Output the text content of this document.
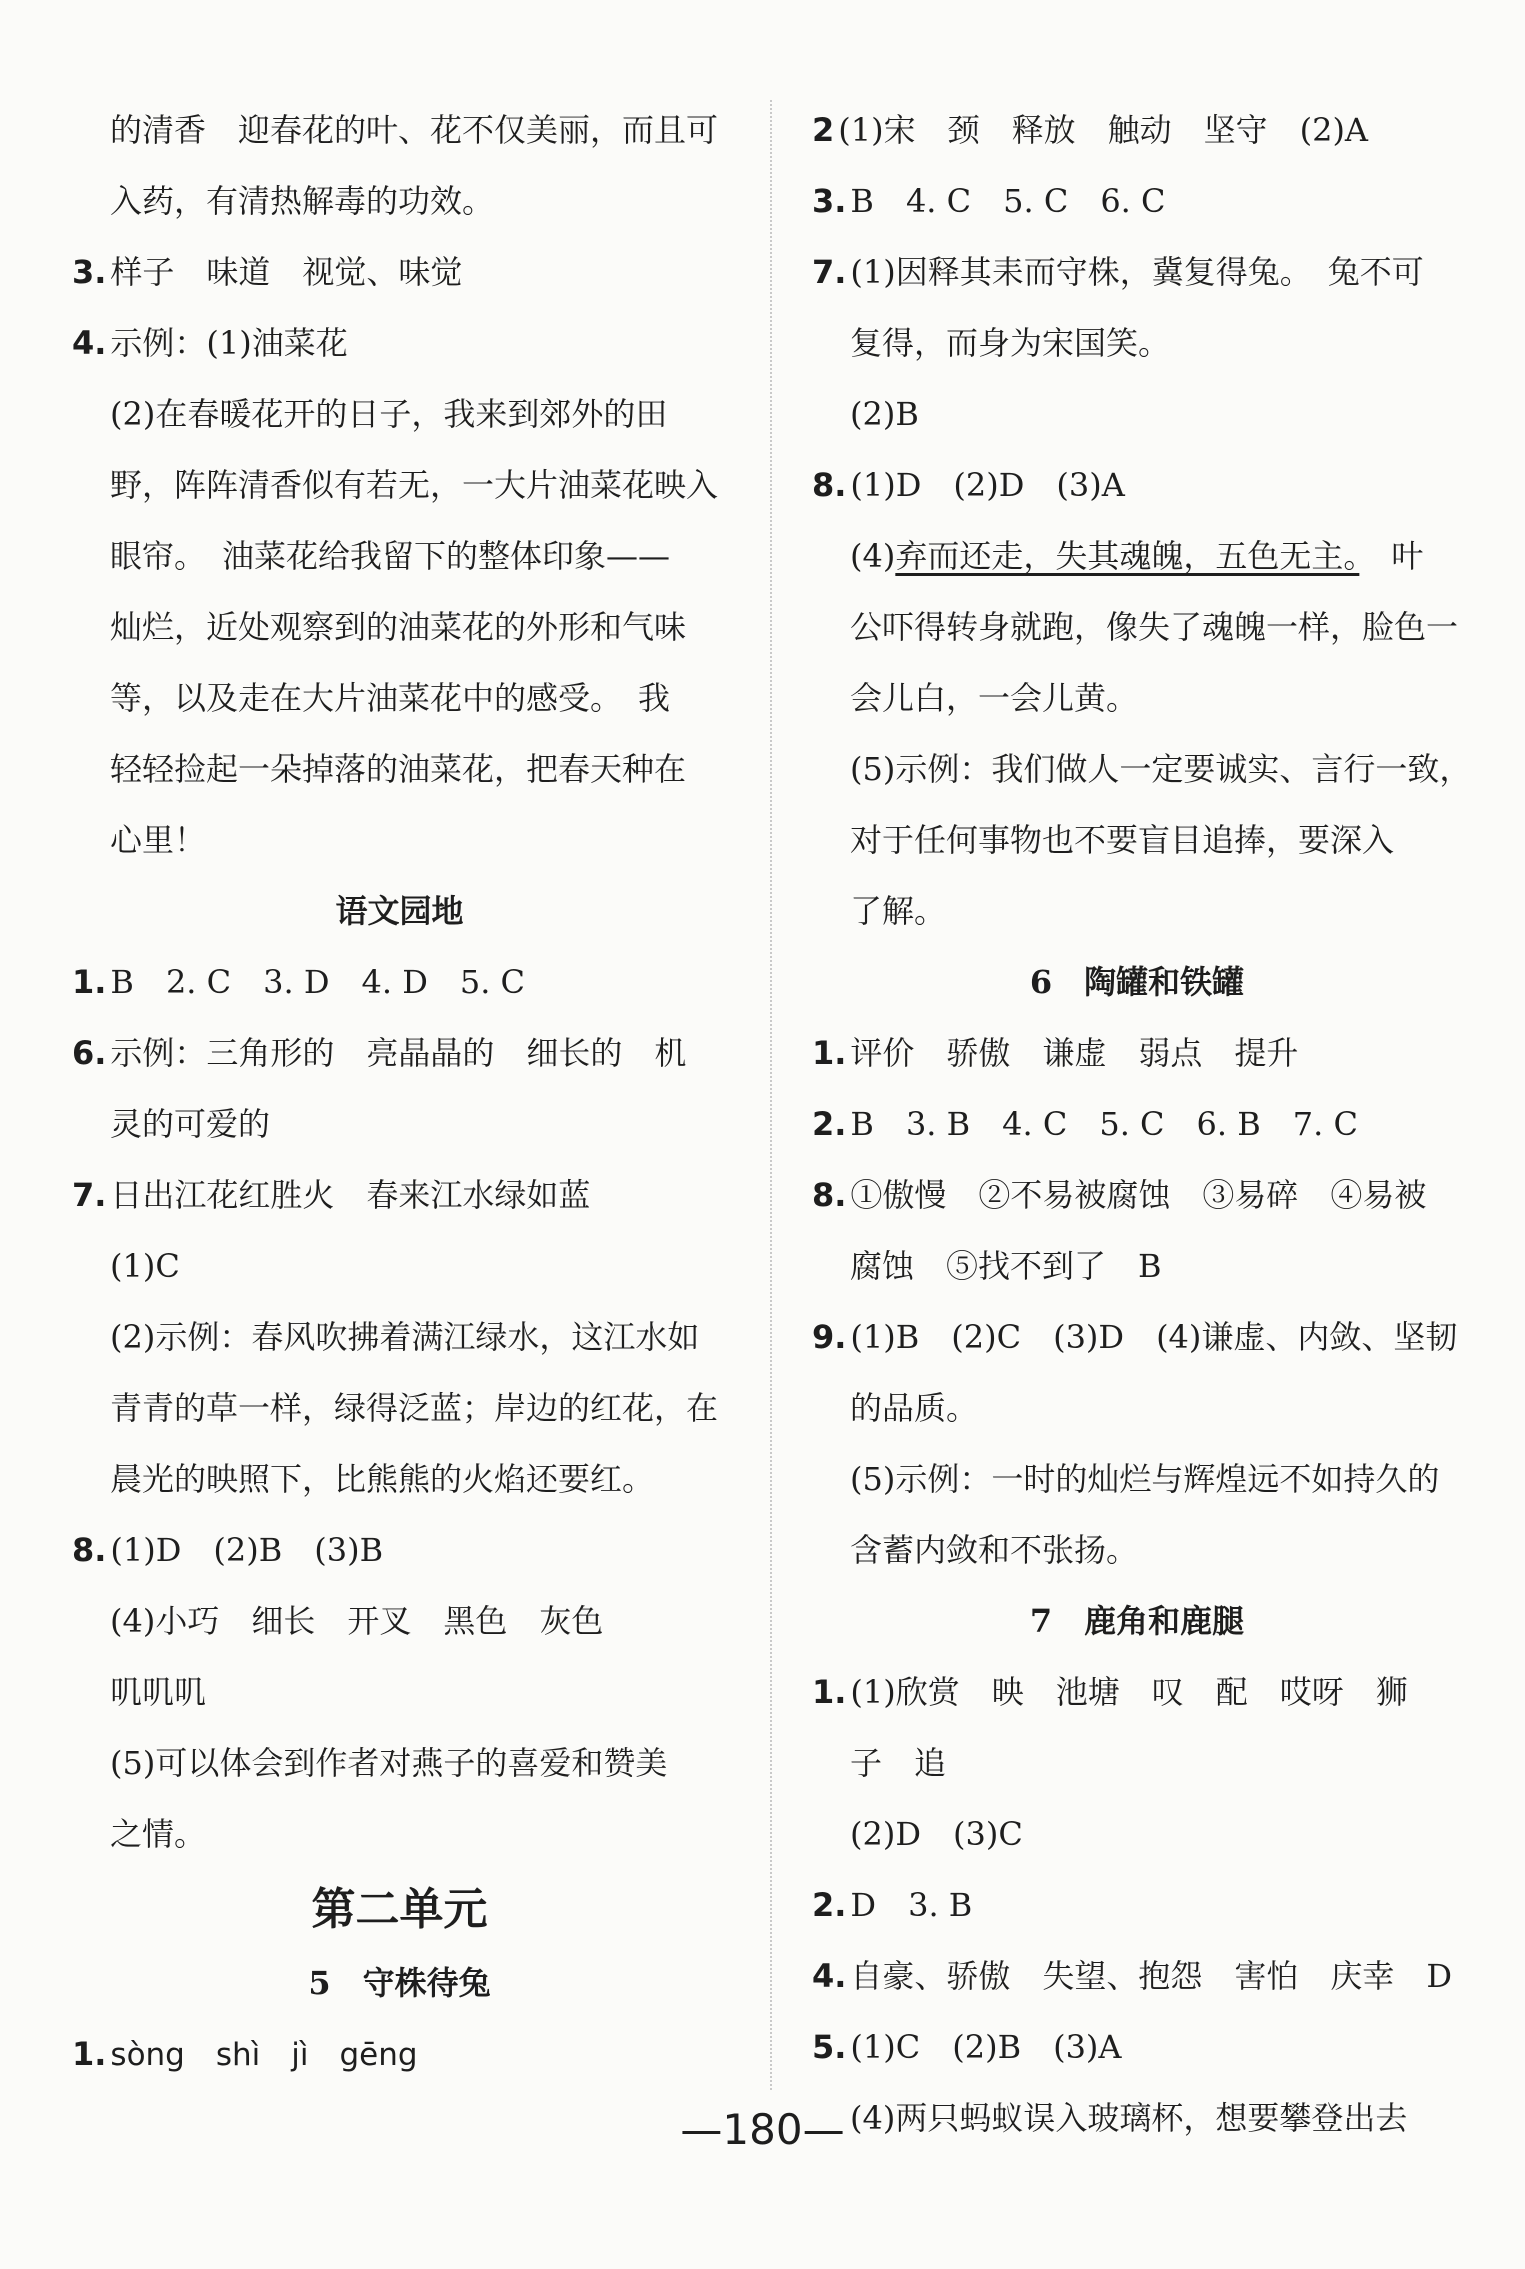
的清香　迎春花的叶、花不仅美丽，而且可
入药，有清热解毒的功效。
3. 样子　味道　视觉、味觉
4. 示例：(1)油菜花
(2)在春暖花开的日子，我来到郊外的田
野，阵阵清香似有若无，一大片油菜花映入
眼帘。　油菜花给我留下的整体印象——
灿烂，近处观察到的油菜花的外形和气味
等，以及走在大片油菜花中的感受。　我
轻轻捡起一朵掉落的油菜花，把春天种在
心里！
语文园地
1. B　2. C　3. D　4. D　5. C
6. 示例：三角形的　亮晶晶的　细长的　机
灵的可爱的
7. 日出江花红胜火　春来江水绿如蓝
(1)C
(2)示例：春风吹拂着满江绿水，这江水如
青青的草一样，绿得泛蓝；岸边的红花，在
晨光的映照下，比熊熊的火焰还要红。
8. (1)D　(2)B　(3)B
(4)小巧　细长　开叉　黑色　灰色
叽叽叽
(5)可以体会到作者对燕子的喜爱和赞美
之情。
第二单元
5　守株待兔
1. sòng　shì　jì　gēng
2 (1)宋　颈　释放　触动　坚守　(2)A
3. B　4. C　5. C　6. C
7. (1)因释其耒而守株，冀复得兔。　兔不可
复得，而身为宋国笑。
(2)B
8. (1)D　(2)D　(3)A
(4)弃而还走，失其魂魄，五色无主。　叶
公吓得转身就跑，像失了魂魄一样，脸色一
会儿白，一会儿黄。
(5)示例：我们做人一定要诚实、言行一致，
对于任何事物也不要盲目追捧，要深入
了解。
6　陶罐和铁罐
1. 评价　骄傲　谦虚　弱点　提升
2. B　3. B　4. C　5. C　6. B　7. C
8. ①傲慢　②不易被腐蚀　③易碎　④易被
腐蚀　⑤找不到了　B
9. (1)B　(2)C　(3)D　(4)谦虚、内敛、坚韧
的品质。
(5)示例：一时的灿烂与辉煌远不如持久的
含蓄内敛和不张扬。
7　鹿角和鹿腿
1. (1)欣赏　映　池塘　叹　配　哎呀　狮
子　追
(2)D　(3)C
2. D　3. B
4. 自豪、骄傲　失望、抱怨　害怕　庆幸　D
5. (1)C　(2)B　(3)A
(4)两只蚂蚁误入玻璃杯，想要攀登出去
—180—
